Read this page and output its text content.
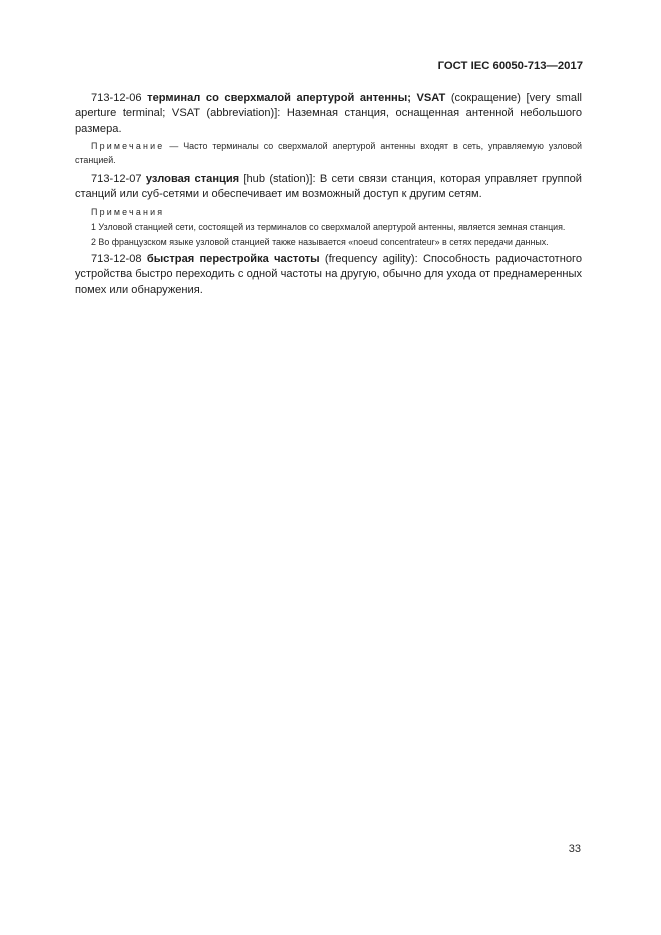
ГОСТ IEC 60050-713—2017

713-12-06 терминал со сверхмалой апертурой антенны; VSAT (сокращение) [very small aperture terminal; VSAT (abbreviation)]: Наземная станция, оснащенная антенной небольшого размера.

Примечание — Часто терминалы со сверхмалой апертурой антенны входят в сеть, управляемую узловой станцией.

713-12-07 узловая станция [hub (station)]: В сети связи станция, которая управляет группой станций или суб-сетями и обеспечивает им возможный доступ к другим сетям.

Примечания

1 Узловой станцией сети, состоящей из терминалов со сверхмалой апертурой антенны, является земная станция.

2 Во французском языке узловой станцией также называется «noeud concentrateur» в сетях передачи данных.

713-12-08 быстрая перестройка частоты (frequency agility): Способность радиочастотного устройства быстро переходить с одной частоты на другую, обычно для ухода от преднамеренных помех или обнаружения.

33
